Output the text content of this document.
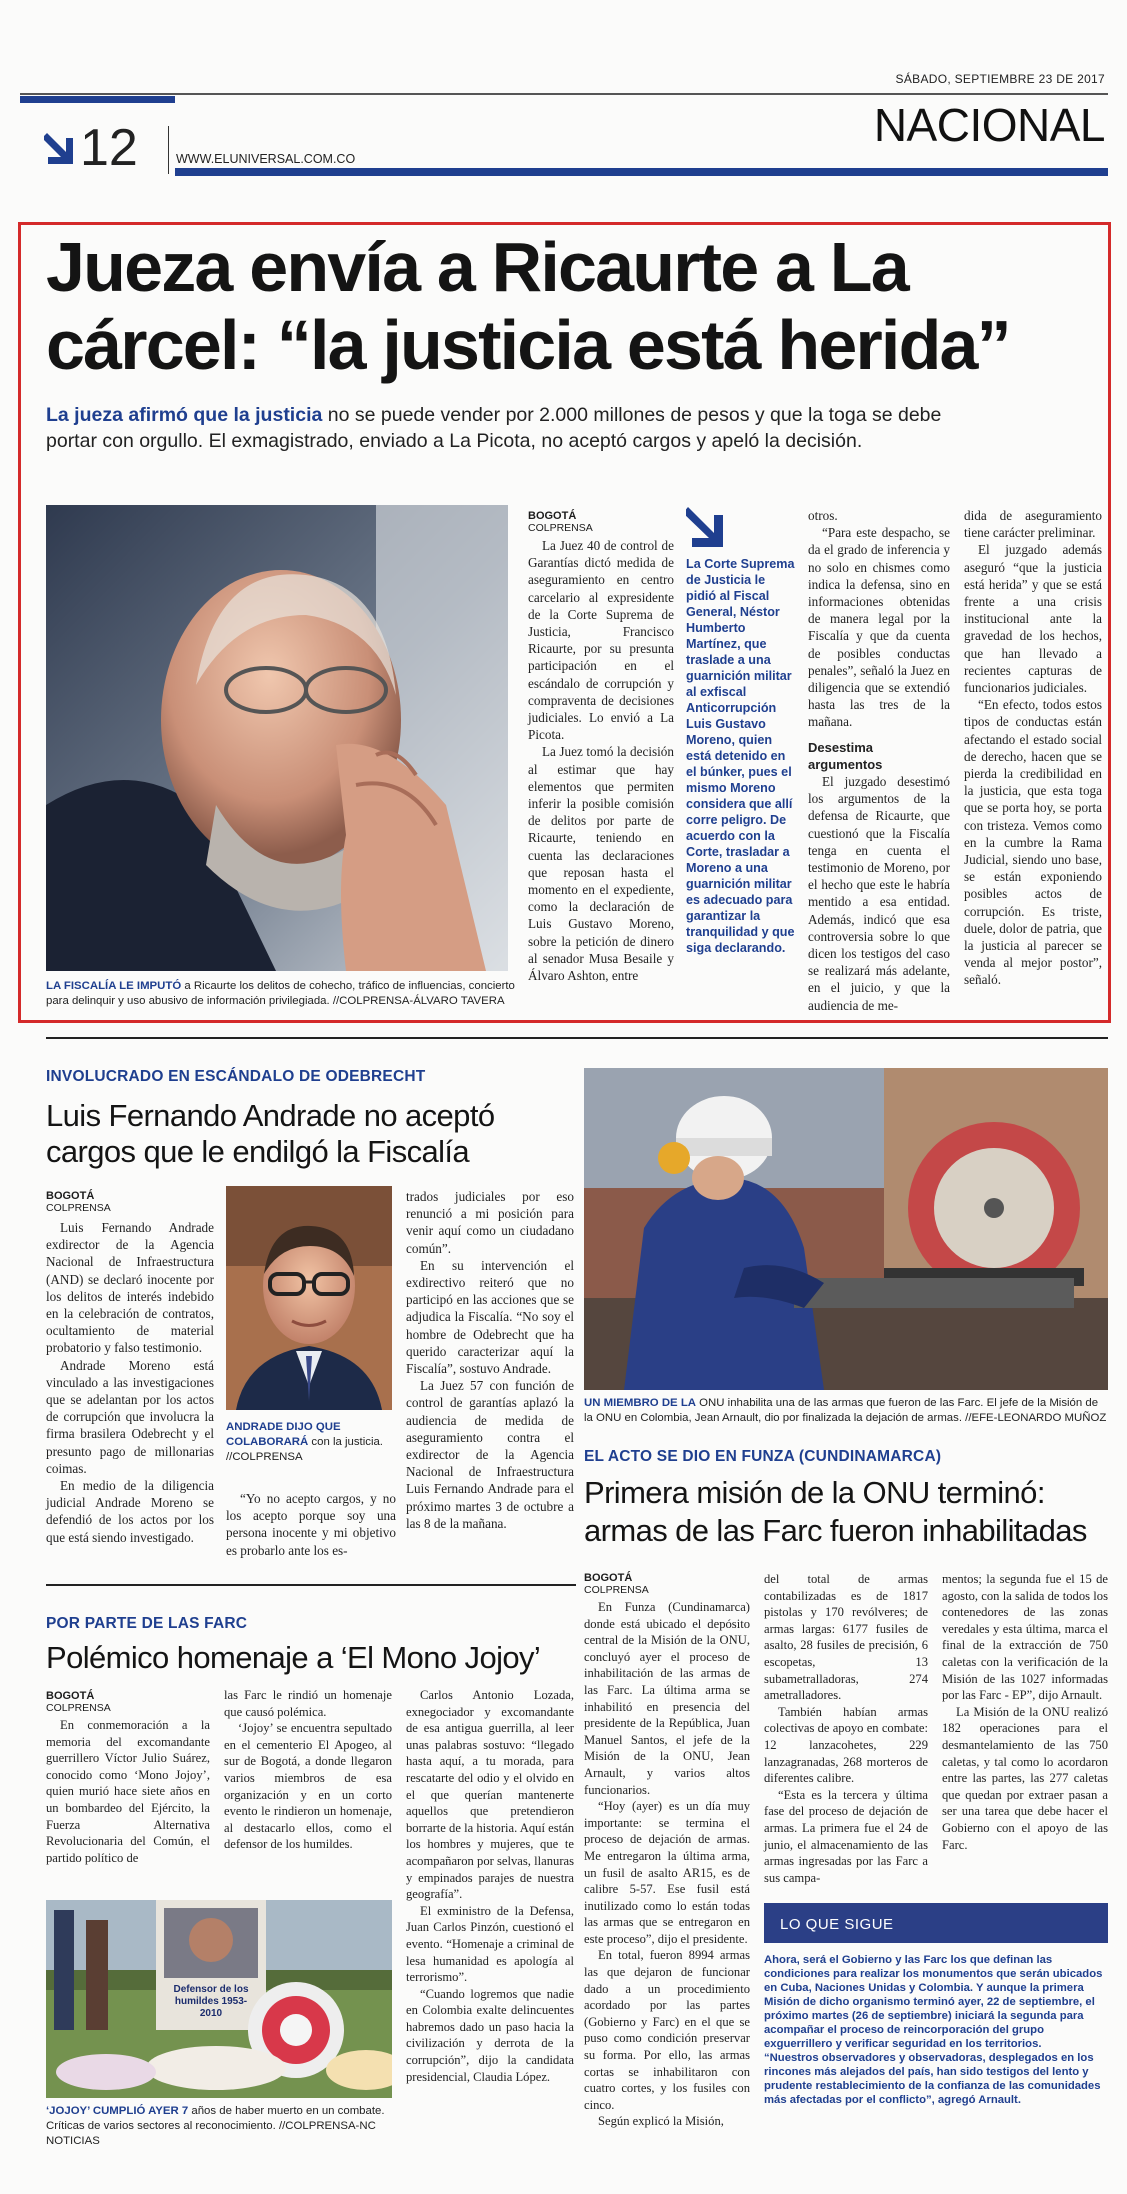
SÁBADO, SEPTIEMBRE 23 DE 2017
12	WWW.ELUNIVERSAL.COM.CO
NACIONAL
Jueza envía a Ricaurte a La
cárcel: “la justicia está herida”
La jueza afirmó que la justicia no se puede vender por 2.000 millones de pesos y que la toga se debe
portar con orgullo. El exmagistrado, enviado a La Picota, no aceptó cargos y apeló la decisión.
LA FISCALÍA LE IMPUTÓ a Ricaurte los delitos de cohecho, tráfico de influencias, concierto para delinquir y uso abusivo de información privilegiada. //COLPRENSA-ÁLVARO TAVERA
BOGOTÁ
COLPRENSA

La Juez 40 de control de Garantías dictó medida de aseguramiento en centro carcelario al expresidente de la Corte Suprema de Justicia, Francisco Ricaurte, por su presunta participación en el escándalo de corrupción y compraventa de decisiones judiciales. Lo envió a La Picota.

La Juez tomó la decisión al estimar que hay elementos que permiten inferir la posible comisión de delitos por parte de Ricaurte, teniendo en cuenta las declaraciones que reposan hasta el momento en el expediente, como la declaración de Luis Gustavo Moreno, sobre la petición de dinero al senador Musa Besaile y Álvaro Ashton, entre

La Corte Suprema de Justicia le pidió al Fiscal General, Néstor Humberto Martínez, que traslade a una guarnición militar al exfiscal Anticorrupción Luis Gustavo Moreno, quien está detenido en el búnker, pues el mismo Moreno considera que allí corre peligro. De acuerdo con la Corte, trasladar a Moreno a una guarnición militar es adecuado para garantizar la tranquilidad y que siga declarando.

otros.

“Para este despacho, se da el grado de inferencia y no solo en chismes como indica la defensa, sino en informaciones obtenidas de manera legal por la Fiscalía y que da cuenta de posibles conductas penales”, señaló la Juez en diligencia que se extendió hasta las tres de la mañana.

Desestima argumentos

El juzgado desestimó los argumentos de la defensa de Ricaurte, que cuestionó que la Fiscalía tenga en cuenta el testimonio de Moreno, por el hecho que este le habría mentido a esa entidad. Además, indicó que esa controversia sobre lo que dicen los testigos del caso se realizará más adelante, en el juicio, y que la audiencia de me-

dida de aseguramiento tiene carácter preliminar.

El juzgado además aseguró “que la justicia está herida” y que se está frente a una crisis institucional ante la gravedad de los hechos, que han llevado a recientes capturas de funcionarios judiciales.

“En efecto, todos estos tipos de conductas están afectando el estado social de derecho, hacen que se pierda la credibilidad en la justicia, que esta toga que se porta hoy, se porta con tristeza. Vemos como en la cumbre la Rama Judicial, siendo uno base, se están exponiendo posibles actos de corrupción. Es triste, duele, dolor de patria, que la justicia al parecer se venda al mejor postor”, señaló.

INVOLUCRADO EN ESCÁNDALO DE ODEBRECHT
Luis Fernando Andrade no aceptó
cargos que le endilgó la Fiscalía
BOGOTÁ
COLPRENSA

Luis Fernando Andrade exdirector de la Agencia Nacional de Infraestructura (AND) se declaró inocente por los delitos de interés indebido en la celebración de contratos, ocultamiento de material probatorio y falso testimonio.

Andrade Moreno está vinculado a las investigaciones que se adelantan por los actos de corrupción que involucra la firma brasilera Odebrecht y el presunto pago de millonarias coimas.

En medio de la diligencia judicial Andrade Moreno se defendió de los actos por los que está siendo investigado.

ANDRADE DIJO QUE COLABORARÁ con la justicia. //COLPRENSA

“Yo no acepto cargos, y no los acepto porque soy una persona inocente y mi objetivo es probarlo ante los es-

trados judiciales por eso renunció a mi posición para venir aquí como un ciudadano común”.

En su intervención el exdirectivo reiteró que no participó en las acciones que se adjudica la Fiscalía. “No soy el hombre de Odebrecht que ha querido caracterizar aquí la Fiscalía”, sostuvo Andrade.

La Juez 57 con función de control de garantías aplazó la audiencia de medida de aseguramiento contra el exdirector de la Agencia Nacional de Infraestructura Luis Fernando Andrade para el próximo martes 3 de octubre a las 8 de la mañana.

UN MIEMBRO DE LA ONU inhabilita una de las armas que fueron de las Farc. El jefe de la Misión de la ONU en Colombia, Jean Arnault, dio por finalizada la dejación de armas. //EFE-LEONARDO MUÑOZ
EL ACTO SE DIO EN FUNZA (CUNDINAMARCA)
Primera misión de la ONU terminó:
armas de las Farc fueron inhabilitadas
BOGOTÁ
COLPRENSA

En Funza (Cundinamarca) donde está ubicado el depósito central de la Misión de la ONU, concluyó ayer el proceso de inhabilitación de las armas de las Farc. La última arma se inhabilitó en presencia del presidente de la República, Juan Manuel Santos, el jefe de la Misión de la ONU, Jean Arnault, y varios altos funcionarios.

“Hoy (ayer) es un día muy importante: se termina el proceso de dejación de armas. Me entregaron la última arma, un fusil de asalto AR15, es de calibre 5-57. Ese fusil está inutilizado como lo están todas las armas que se entregaron en este proceso”, dijo el presidente.

En total, fueron 8994 armas las que dejaron de funcionar dado a un procedimiento acordado por las partes (Gobierno y Farc) en el que se puso como condición preservar su forma. Por ello, las armas cortas se inhabilitaron con cuatro cortes, y los fusiles con cinco.

Según explicó la Misión,

del total de armas contabilizadas es de 1817 pistolas y 170 revólveres; de armas largas: 6177 fusiles de asalto, 28 fusiles de precisión, 6 escopetas, 13 subametralladoras, 274 ametralladores.

También habían armas colectivas de apoyo en combate: 12 lanzacohetes, 229 lanzagranadas, 268 morteros de diferentes calibre.

“Esta es la tercera y última fase del proceso de dejación de armas. La primera fue el 24 de junio, el almacenamiento de las armas ingresadas por las Farc a sus campa-

mentos; la segunda fue el 15 de agosto, con la salida de todos los contenedores de las zonas veredales y esta última, marca el final de la extracción de 750 caletas con la verificación de la Misión de las 1027 informadas por las Farc - EP”, dijo Arnault.

La Misión de la ONU realizó 182 operaciones para el desmantelamiento de las 750 caletas, y tal como lo acordaron entre las partes, las 277 caletas que quedan por extraer pasan a ser una tarea que debe hacer el Gobierno con el apoyo de las Farc.

LO QUE SIGUE
Ahora, será el Gobierno y las Farc los que definan las condiciones para realizar los monumentos que serán ubicados en Cuba, Naciones Unidas y Colombia. Y aunque la primera Misión de dicho organismo terminó ayer, 22 de septiembre, el próximo martes (26 de septiembre) iniciará la segunda para acompañar el proceso de reincorporación del grupo exguerrillero y verificar seguridad en los territorios.
“Nuestros observadores y observadoras, desplegados en los rincones más alejados del país, han sido testigos del lento y prudente restablecimiento de la confianza de las comunidades más afectadas por el conflicto”, agregó Arnault.
POR PARTE DE LAS FARC
Polémico homenaje a ‘El Mono Jojoy’
BOGOTÁ
COLPRENSA

En conmemoración a la memoria del excomandante guerrillero Víctor Julio Suárez, conocido como ‘Mono Jojoy’, quien murió hace siete años en un bombardeo del Ejército, la Fuerza Alternativa Revolucionaria del Común, el partido político de

las Farc le rindió un homenaje que causó polémica.

‘Jojoy’ se encuentra sepultado en el cementerio El Apogeo, al sur de Bogotá, a donde llegaron varios miembros de esa organización y en un corto evento le rindieron un homenaje, al destacarlo ellos, como el defensor de los humildes.

Carlos Antonio Lozada, exnegociador y excomandante de esa antigua guerrilla, al leer unas palabras sostuvo: “llegado hasta aquí, a tu morada, para rescatarte del odio y el olvido en el que querían mantenerte aquellos que pretendieron borrarte de la historia. Aquí están los hombres y mujeres, que te acompañaron por selvas, llanuras y empinados parajes de nuestra geografía”.

El exministro de la Defensa, Juan Carlos Pinzón, cuestionó el evento. “Homenaje a criminal de lesa humanidad es apología al terrorismo”.

“Cuando logremos que nadie en Colombia exalte delincuentes habremos dado un paso hacia la civilización y derrota de la corrupción”, dijo la candidata presidencial, Claudia López.

Defensor de los humildes 1953-2010
‘JOJOY’ CUMPLIÓ AYER 7 años de haber muerto en un combate. Críticas de varios sectores al reconocimiento. //COLPRENSA-NC NOTICIAS
